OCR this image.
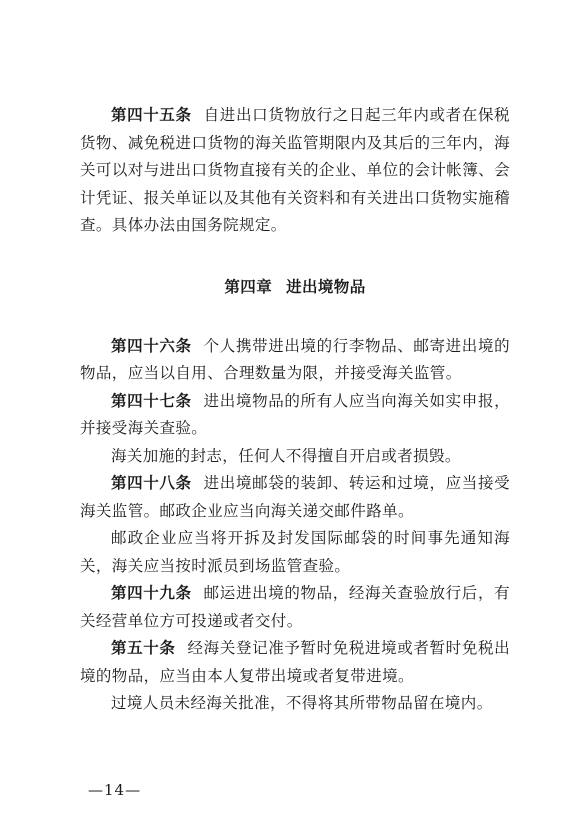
第四十五条 自进出口货物放行之日起三年内或者在保税货物、减免税进口货物的海关监管期限内及其后的三年内，海关可以对与进出口货物直接有关的企业、单位的会计帐簿、会计凭证、报关单证以及其他有关资料和有关进出口货物实施稽查。具体办法由国务院规定。

第四章 进出境物品

第四十六条 个人携带进出境的行李物品、邮寄进出境的物品，应当以自用、合理数量为限，并接受海关监管。

第四十七条 进出境物品的所有人应当向海关如实申报，并接受海关查验。

海关加施的封志，任何人不得擅自开启或者损毁。

第四十八条 进出境邮袋的装卸、转运和过境，应当接受海关监管。邮政企业应当向海关递交邮件路单。

邮政企业应当将开拆及封发国际邮袋的时间事先通知海关，海关应当按时派员到场监管查验。

第四十九条 邮运进出境的物品，经海关查验放行后，有关经营单位方可投递或者交付。

第五十条 经海关登记准予暂时免税进境或者暂时免税出境的物品，应当由本人复带出境或者复带进境。

过境人员未经海关批准，不得将其所带物品留在境内。

—14—
